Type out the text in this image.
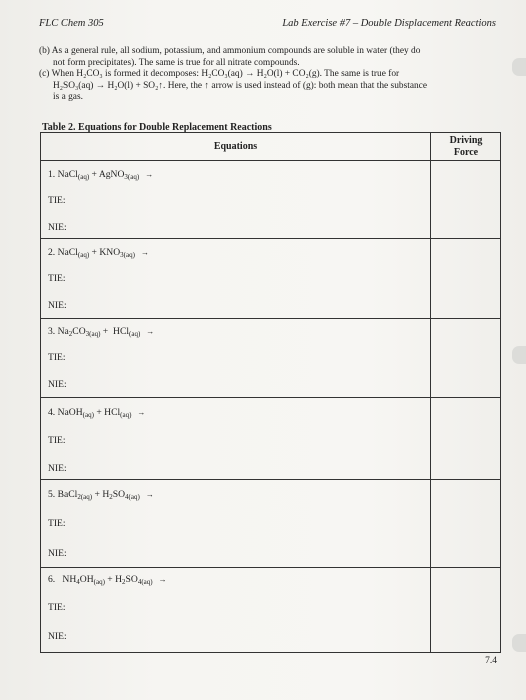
FLC Chem 305	Lab Exercise #7 – Double Displacement Reactions
(b) As a general rule, all sodium, potassium, and ammonium compounds are soluble in water (they do
not form precipitates). The same is true for all nitrate compounds.
(c) When H₂CO₃ is formed it decomposes: H₂CO₃(aq) → H₂O(l) + CO₂(g). The same is true for
H₂SO₃(aq) → H₂O(l) + SO₂↑. Here, the ↑ arrow is used instead of (g): both mean that the substance
is a gas.
Table 2. Equations for Double Replacement Reactions
Equations
Driving
Force
1. NaCl$_{(aq)}$ + AgNO$_{3(aq)}$ →
TIE:
NIE:
2. NaCl$_{(aq)}$ + $KNO_{3(aq)}$ →
TIE:
NIE:
3. $Na_2CO_{3(aq)} + HCl_{(aq)}$ →
TIE:
NIE:
4. NaOH$_{(aq)}$ + HCl$_{(aq)}$ →
TIE:
NIE:
5. BaCl$_{2(aq)}$ + $H_2SO_{4(aq)}$ →
TIE:
NIE:
6. $NH_4OH_{(aq)} + H_2SO_{4(aq)}$ →
TIE:
NIE:
7.4
